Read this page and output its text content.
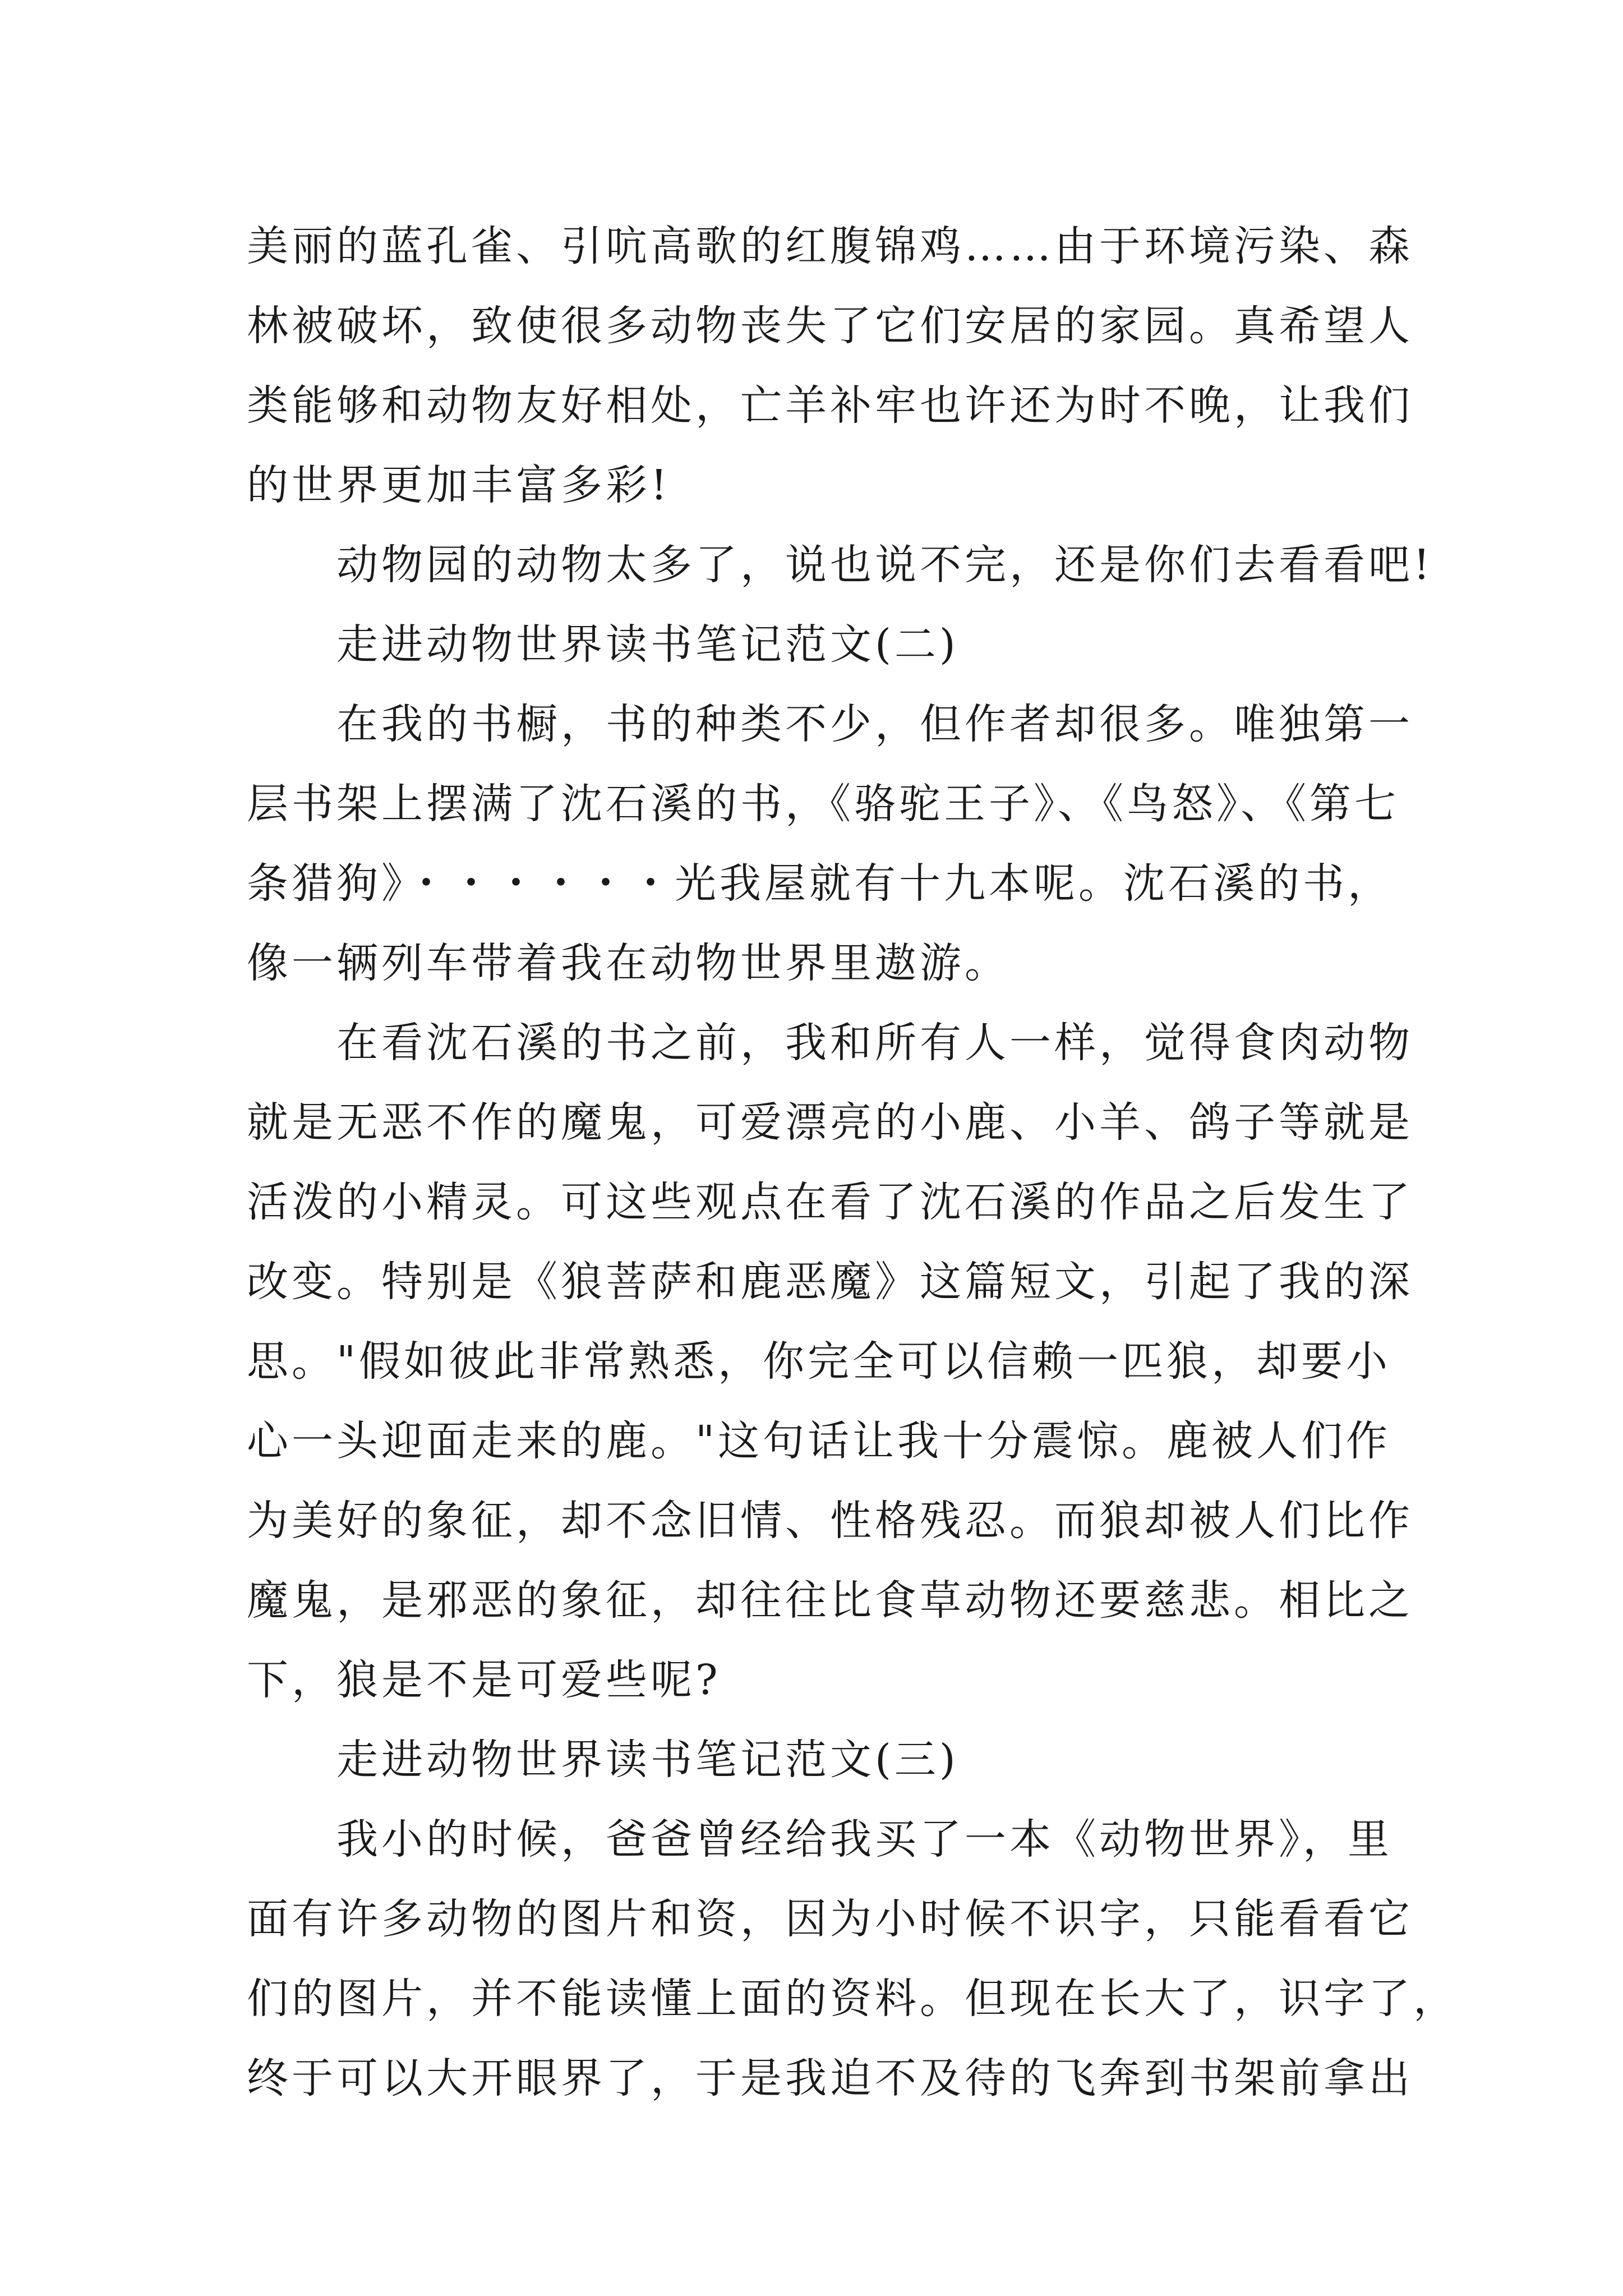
美丽的蓝孔雀、引吭高歌的红腹锦鸡……由于环境污染、森
林被破坏，致使很多动物丧失了它们安居的家园。真希望人
类能够和动物友好相处，亡羊补牢也许还为时不晚，让我们
的世界更加丰富多彩!
动物园的动物太多了，说也说不完，还是你们去看看吧!
走进动物世界读书笔记范文(二)
在我的书橱，书的种类不少，但作者却很多。唯独第一
层书架上摆满了沈石溪的书，《骆驼王子》、《鸟怒》、《第七
条猎狗》・・・・・・光我屋就有十九本呢。沈石溪的书，
像一辆列车带着我在动物世界里遨游。
在看沈石溪的书之前，我和所有人一样，觉得食肉动物
就是无恶不作的魔鬼，可爱漂亮的小鹿、小羊、鸽子等就是
活泼的小精灵。可这些观点在看了沈石溪的作品之后发生了
改变。特别是《狼菩萨和鹿恶魔》这篇短文，引起了我的深
思。"假如彼此非常熟悉，你完全可以信赖一匹狼，却要小
心一头迎面走来的鹿。"这句话让我十分震惊。鹿被人们作
为美好的象征，却不念旧情、性格残忍。而狼却被人们比作
魔鬼，是邪恶的象征，却往往比食草动物还要慈悲。相比之
下，狼是不是可爱些呢?
走进动物世界读书笔记范文(三)
我小的时候，爸爸曾经给我买了一本《动物世界》，里
面有许多动物的图片和资，因为小时候不识字，只能看看它
们的图片，并不能读懂上面的资料。但现在长大了，识字了，
终于可以大开眼界了，于是我迫不及待的飞奔到书架前拿出
